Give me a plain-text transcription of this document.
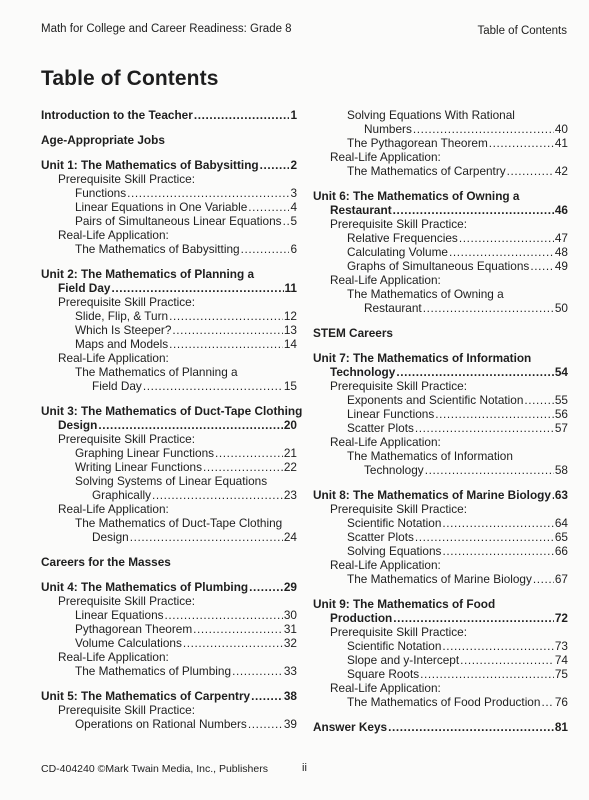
Math for College and Career Readiness: Grade 8	Table of Contents
Table of Contents
Introduction to the Teacher .....	1
Age-Appropriate Jobs
Unit 1: The Mathematics of Babysitting .....	2
Prerequisite Skill Practice:
Functions .....	3
Linear Equations in One Variable .....	4
Pairs of Simultaneous Linear Equations ..... 5
Real-Life Application:
The Mathematics of Babysitting .....	6
Unit 2: The Mathematics of Planning a
Field Day .....	11
Prerequisite Skill Practice:
Slide, Flip, & Turn .....	12
Which Is Steeper? .....	13
Maps and Models .....	14
Real-Life Application:
The Mathematics of Planning a
Field Day .....	15
Unit 3: The Mathematics of Duct-Tape Clothing
Design .....	20
Prerequisite Skill Practice:
Graphing Linear Functions .....	21
Writing Linear Functions .....	22
Solving Systems of Linear Equations
Graphically .....	23
Real-Life Application:
The Mathematics of Duct-Tape Clothing
Design .....	24
Careers for the Masses
Unit 4: The Mathematics of Plumbing .....	29
Prerequisite Skill Practice:
Linear Equations .....	30
Pythagorean Theorem .....	31
Volume Calculations .....	32
Real-Life Application:
The Mathematics of Plumbing .....	33
Unit 5: The Mathematics of Carpentry .....	38
Prerequisite Skill Practice:
Operations on Rational Numbers .....	39
Solving Equations With Rational
Numbers .....	40
The Pythagorean Theorem .....	41
Real-Life Application:
The Mathematics of Carpentry .....	42
Unit 6: The Mathematics of Owning a
Restaurant .....	46
Prerequisite Skill Practice:
Relative Frequencies .....	47
Calculating Volume .....	48
Graphs of Simultaneous Equations ..... 49
Real-Life Application:
The Mathematics of Owning a
Restaurant .....	50
STEM Careers
Unit 7: The Mathematics of Information
Technology .....	54
Prerequisite Skill Practice:
Exponents and Scientific Notation .....	55
Linear Functions .....	56
Scatter Plots .....	57
Real-Life Application:
The Mathematics of Information
Technology .....	58
Unit 8: The Mathematics of Marine Biology ..... 63
Prerequisite Skill Practice:
Scientific Notation .....	64
Scatter Plots .....	65
Solving Equations .....	66
Real-Life Application:
The Mathematics of Marine Biology ..... 67
Unit 9: The Mathematics of Food
Production .....	72
Prerequisite Skill Practice:
Scientific Notation .....	73
Slope and y-Intercept .....	74
Square Roots .....	75
Real-Life Application:
The Mathematics of Food Production ..... 76
Answer Keys .....	81
CD-404240 ©Mark Twain Media, Inc., Publishers	ii
